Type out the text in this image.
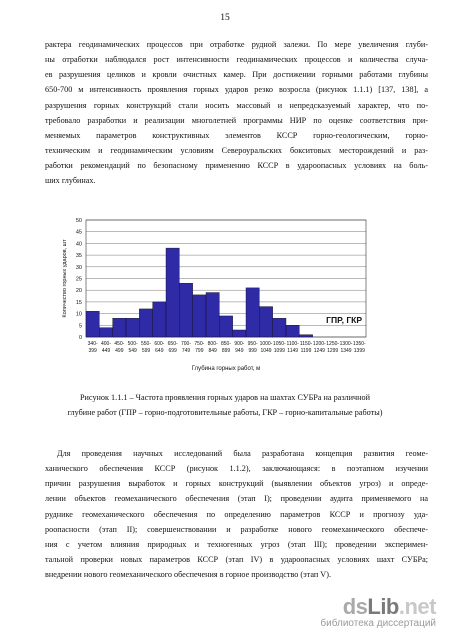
15

рактера геодинамических процессов при отработке рудной залежи. По мере увеличения глуби-
ны отработки наблюдался рост интенсивности геодинамических процессов и количества случа-
ев разрушения целиков и кровли очистных камер. При достижении горными работами глубины
650-700 м интенсивность проявления горных ударов резко возросла (рисунок 1.1.1) [137, 138], а
разрушения горных конструкций стали носить массовый и непредсказуемый характер, что по-
требовало разработки и реализации многолетней программы НИР по оценке соответствия при-
меняемых параметров конструктивных элементов КССР горно-геологическим, горно-
техническим и геодинамическим условиям Североуральских бокситовых месторождений и раз-
работки рекомендаций по безопасному применению КССР в удароопасных условиях на боль-
ших глубинах.

0
5
10
15
20
25
30
35
40
45
50
340-
399
400-
449
450-
499
500-
549
550-
599
600-
649
650-
699
700-
749
750-
799
800-
849
850-
899
900-
949
950-
999
1000-
1049
1050-
1099
1100-
1149
1150-
1199
1200-
1249
1250-
1299
1300-
1349
1350-
1399
Глубина горных работ, м
Количество горных ударов, шт
ГПР, ГКР
Рисунок 1.1.1 – Частота проявления горных ударов на шахтах СУБРа на различной
глубине работ (ГПР – горно-подготовительные работы, ГКР – горно-капитальные работы)

Для проведения научных исследований была разработана концепция развития геоме-
ханического обеспечения КССР (рисунок 1.1.2), заключающаяся: в поэтапном изучении
причин разрушения выработок и горных конструкций (выявлении объектов угроз) и опреде-
лении объектов геомеханического обеспечения (этап I); проведении аудита применяемого на
руднике геомеханического обеспечения по определению параметров КССР и прогнозу уда-
роопасности (этап II); совершенствовании и разработке нового геомеханического обеспече-
ния с учетом влияния природных и техногенных угроз (этап III); проведении эксперимен-
тальной проверки новых параметров КССР (этап IV) в удароопасных условиях шахт СУБРа;
внедрении нового геомеханического обеспечения в горное производство (этап V).

dsLib.net
библиотека диссертаций
